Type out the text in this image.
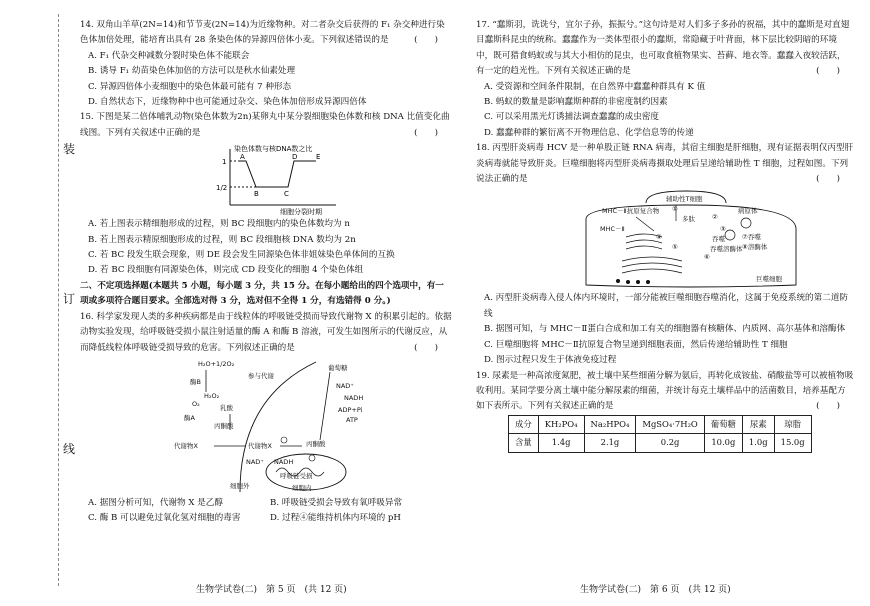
装
订
线

14. 双角山羊草(2N=14)和节节麦(2N=14)为近缘物种。对二者杂交后获得的 F₁ 杂交种进行染色体加倍处理，能培育出具有 28 条染色体的异源四倍体小麦。下列叙述错误的是	(　　)

A. F₁ 代杂交种减数分裂时染色体不能联会

B. 诱导 F₁ 幼苗染色体加倍的方法可以是秋水仙素处理

C. 异源四倍体小麦细胞中的染色体最可能有 7 种形态

D. 自然状态下，近缘物种中也可能通过杂交、染色体加倍形成异源四倍体

15. 下图是某二倍体哺乳动物(染色体数为2n)某卵丸中某分裂细胞染色体数和核 DNA 比值变化曲线图。下列有关叙述中正确的是	(　　)

染色体数与核DNA数之比
1
1/2
A
B	C
D	E
细胞分裂时期

A. 若上图表示精细胞形成的过程，则 BC 段细胞内的染色体数均为 n

B. 若上图表示精原细胞形成的过程，则 BC 段细胞核 DNA 数均为 2n

C. 若 BC 段发生联会现象，则 DE 段会发生同源染色体非姐妹染色单体间的互换

D. 若 BC 段细胞有同源染色体，则完成 CD 段变化的细胞 4 个染色体组

二、不定项选择题(本题共 5 小题，每小题 3 分，共 15 分。在每小题给出的四个选项中，有一项或多项符合题目要求。全部选对得 3 分，选对但不全得 1 分，有选错得 0 分。)

16. 科学家发现人类的多种疾病都是由于线粒体的呼吸链受损而导致代谢物 X 的积累引起的。依据动物实验发现，给呼吸链受损小鼠注射适量的酶 A 和酶 B 溶液，可发生如图所示的代谢反应，从而降低线粒体呼吸链受损导致的危害。下列叙述正确的是	(　　)

H₂O+1/2O₂
酶B
酶A
O₂
H₂O₂
乳酸
丙酮酸
参与代谢
葡萄糖
NAD⁺
NADH
ADP+Pi
ATP
代谢物X	代谢物X	丙酮酸
NAD⁺ NADH
呼吸链受损
细胞外	细胞内
A. 据图分析可知，代谢物 X 是乙醇	B. 呼吸链受损会导致有氧呼吸异常
C. 酶 B 可以避免过氧化氢对细胞的毒害	D. 过程④能维持机体内环境的 pH
生物学试卷(二)　第 5 页　(共 12 页)

17. “蠢斯羽，诜诜兮，宜尔子孙，振振兮。”这句诗是对人们多子多孙的祝福，其中的蠢斯是对直翅目蠢斯科昆虫的统称。蠢蠢作为一类体型很小的蠢斯，常隐藏于叶背面，林下层比较阴暗的环境中，既可猎食蚂蚁或与其大小相仿的昆虫，也可取食植物果实、苔藓、地衣等。蠢蠢入夜较活跃，有一定的趋光性。下列有关叙述正确的是	(　　)

A. 受资源和空间条件限制，在自然界中蠢蠢种群具有 K 值

B. 蚂蚁的数量是影响蠢斯种群的非密度制约因素

C. 可以采用黑光灯诱捕法调查蠢蠢的成虫密度

D. 蠢蠢种群的繁衍离不开物理信息、化学信息等的传递

18. 丙型肝炎病毒 HCV 是一种单股正链 RNA 病毒，其宿主细胞是肝细胞，现有证据表明仅丙型肝炎病毒就能导致肝炎。巨噬细胞将丙型肝炎病毒摄取处理后呈递给辅助性 T 细胞，过程如图。下列说法正确的是	(　　)

辅助性T细胞
MHC－Ⅱ抗原复合物
MHC－Ⅱ
病原体
多肽
①
②
③
④
⑤
⑥
吞噬
吞噬溶酶体
⑦吞噬
⑧溶酶体
巨噬细胞

A. 丙型肝炎病毒入侵人体内环境时，一部分能被巨噬细胞吞噬消化，这属于免疫系统的第二道防线

B. 据图可知，与 MHC－Ⅱ蛋白合成和加工有关的细胞器有核糖体、内质网、高尔基体和溶酶体

C. 巨噬细胞将 MHC－Ⅱ抗原复合物呈递到细胞表面，然后传递给辅助性 T 细胞

D. 图示过程只发生于体液免疫过程

19. 尿素是一种高浓度氮肥，被土壤中某些细菌分解为氨后，再转化成铵盐、硝酸盐等可以被植物吸收利用。某同学要分离土壤中能分解尿素的细菌，并统计每克土壤样品中的活菌数目，培养基配方如下表所示。下列有关叙述正确的是	(　　)

成分	KH₂PO₄	Na₂HPO₄	MgSO₄·7H₂O	葡萄糖	尿素	琼脂
含量	1.4g	2.1g	0.2g	10.0g	1.0g	15.0g
生物学试卷(二)　第 6 页　(共 12 页)
